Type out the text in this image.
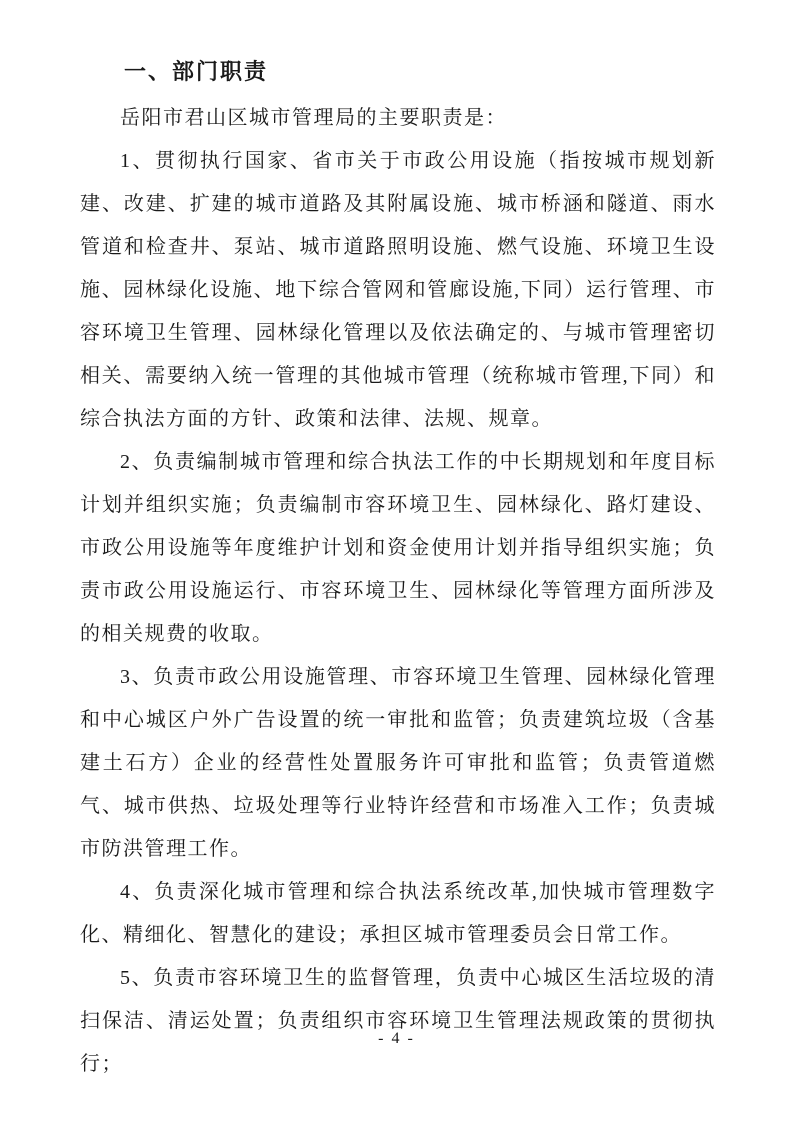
一、部门职责

岳阳市君山区城市管理局的主要职责是：

1、贯彻执行国家、省市关于市政公用设施（指按城市规划新建、改建、扩建的城市道路及其附属设施、城市桥涵和隧道、雨水管道和检查井、泵站、城市道路照明设施、燃气设施、环境卫生设施、园林绿化设施、地下综合管网和管廊设施,下同）运行管理、市容环境卫生管理、园林绿化管理以及依法确定的、与城市管理密切相关、需要纳入统一管理的其他城市管理（统称城市管理,下同）和综合执法方面的方针、政策和法律、法规、规章。

2、负责编制城市管理和综合执法工作的中长期规划和年度目标计划并组织实施；负责编制市容环境卫生、园林绿化、路灯建设、市政公用设施等年度维护计划和资金使用计划并指导组织实施；负责市政公用设施运行、市容环境卫生、园林绿化等管理方面所涉及的相关规费的收取。

3、负责市政公用设施管理、市容环境卫生管理、园林绿化管理和中心城区户外广告设置的统一审批和监管；负责建筑垃圾（含基建土石方）企业的经营性处置服务许可审批和监管；负责管道燃气、城市供热、垃圾处理等行业特许经营和市场准入工作；负责城市防洪管理工作。

4、负责深化城市管理和综合执法系统改革,加快城市管理数字化、精细化、智慧化的建设；承担区城市管理委员会日常工作。

5、负责市容环境卫生的监督管理，负责中心城区生活垃圾的清扫保洁、清运处置；负责组织市容环境卫生管理法规政策的贯彻执行；

- 4 -
